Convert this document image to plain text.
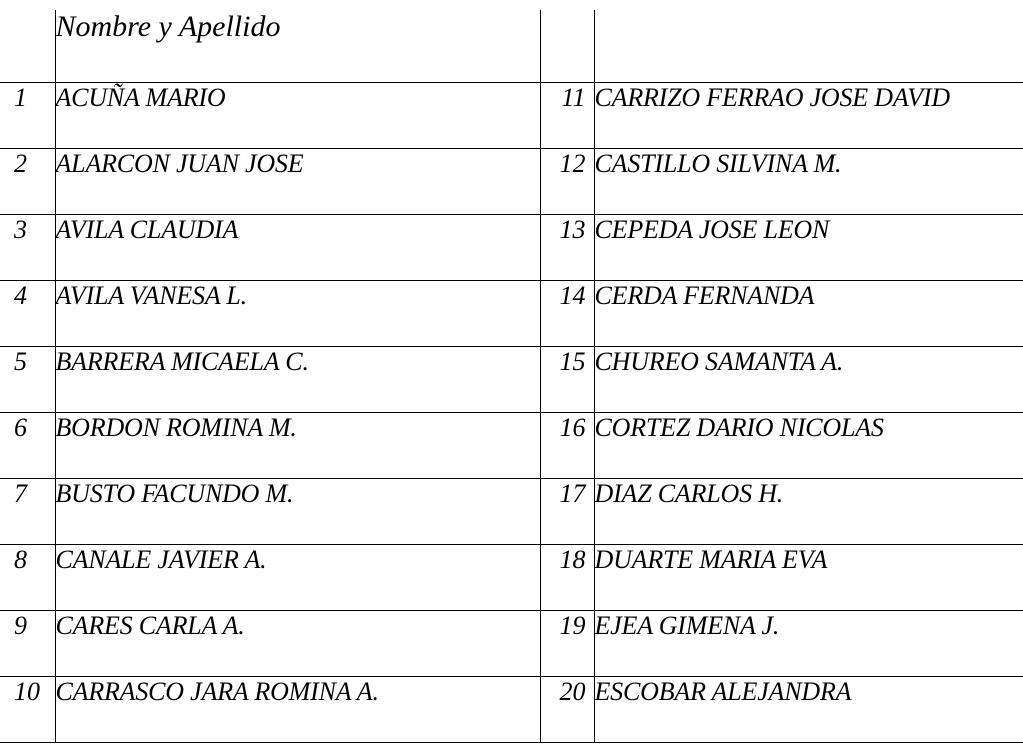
	Nombre y Apellido		
1	ACUÑA MARIO	11	CARRIZO FERRAO JOSE DAVID
2	ALARCON JUAN JOSE	12	CASTILLO SILVINA M.
3	AVILA CLAUDIA	13	CEPEDA JOSE LEON
4	AVILA VANESA L.	14	CERDA FERNANDA
5	BARRERA MICAELA C.	15	CHUREO SAMANTA A.
6	BORDON ROMINA M.	16	CORTEZ DARIO NICOLAS
7	BUSTO FACUNDO M.	17	DIAZ CARLOS H.
8	CANALE JAVIER A.	18	DUARTE MARIA EVA
9	CARES CARLA A.	19	EJEA GIMENA J.
10	CARRASCO JARA ROMINA A.	20	ESCOBAR ALEJANDRA
